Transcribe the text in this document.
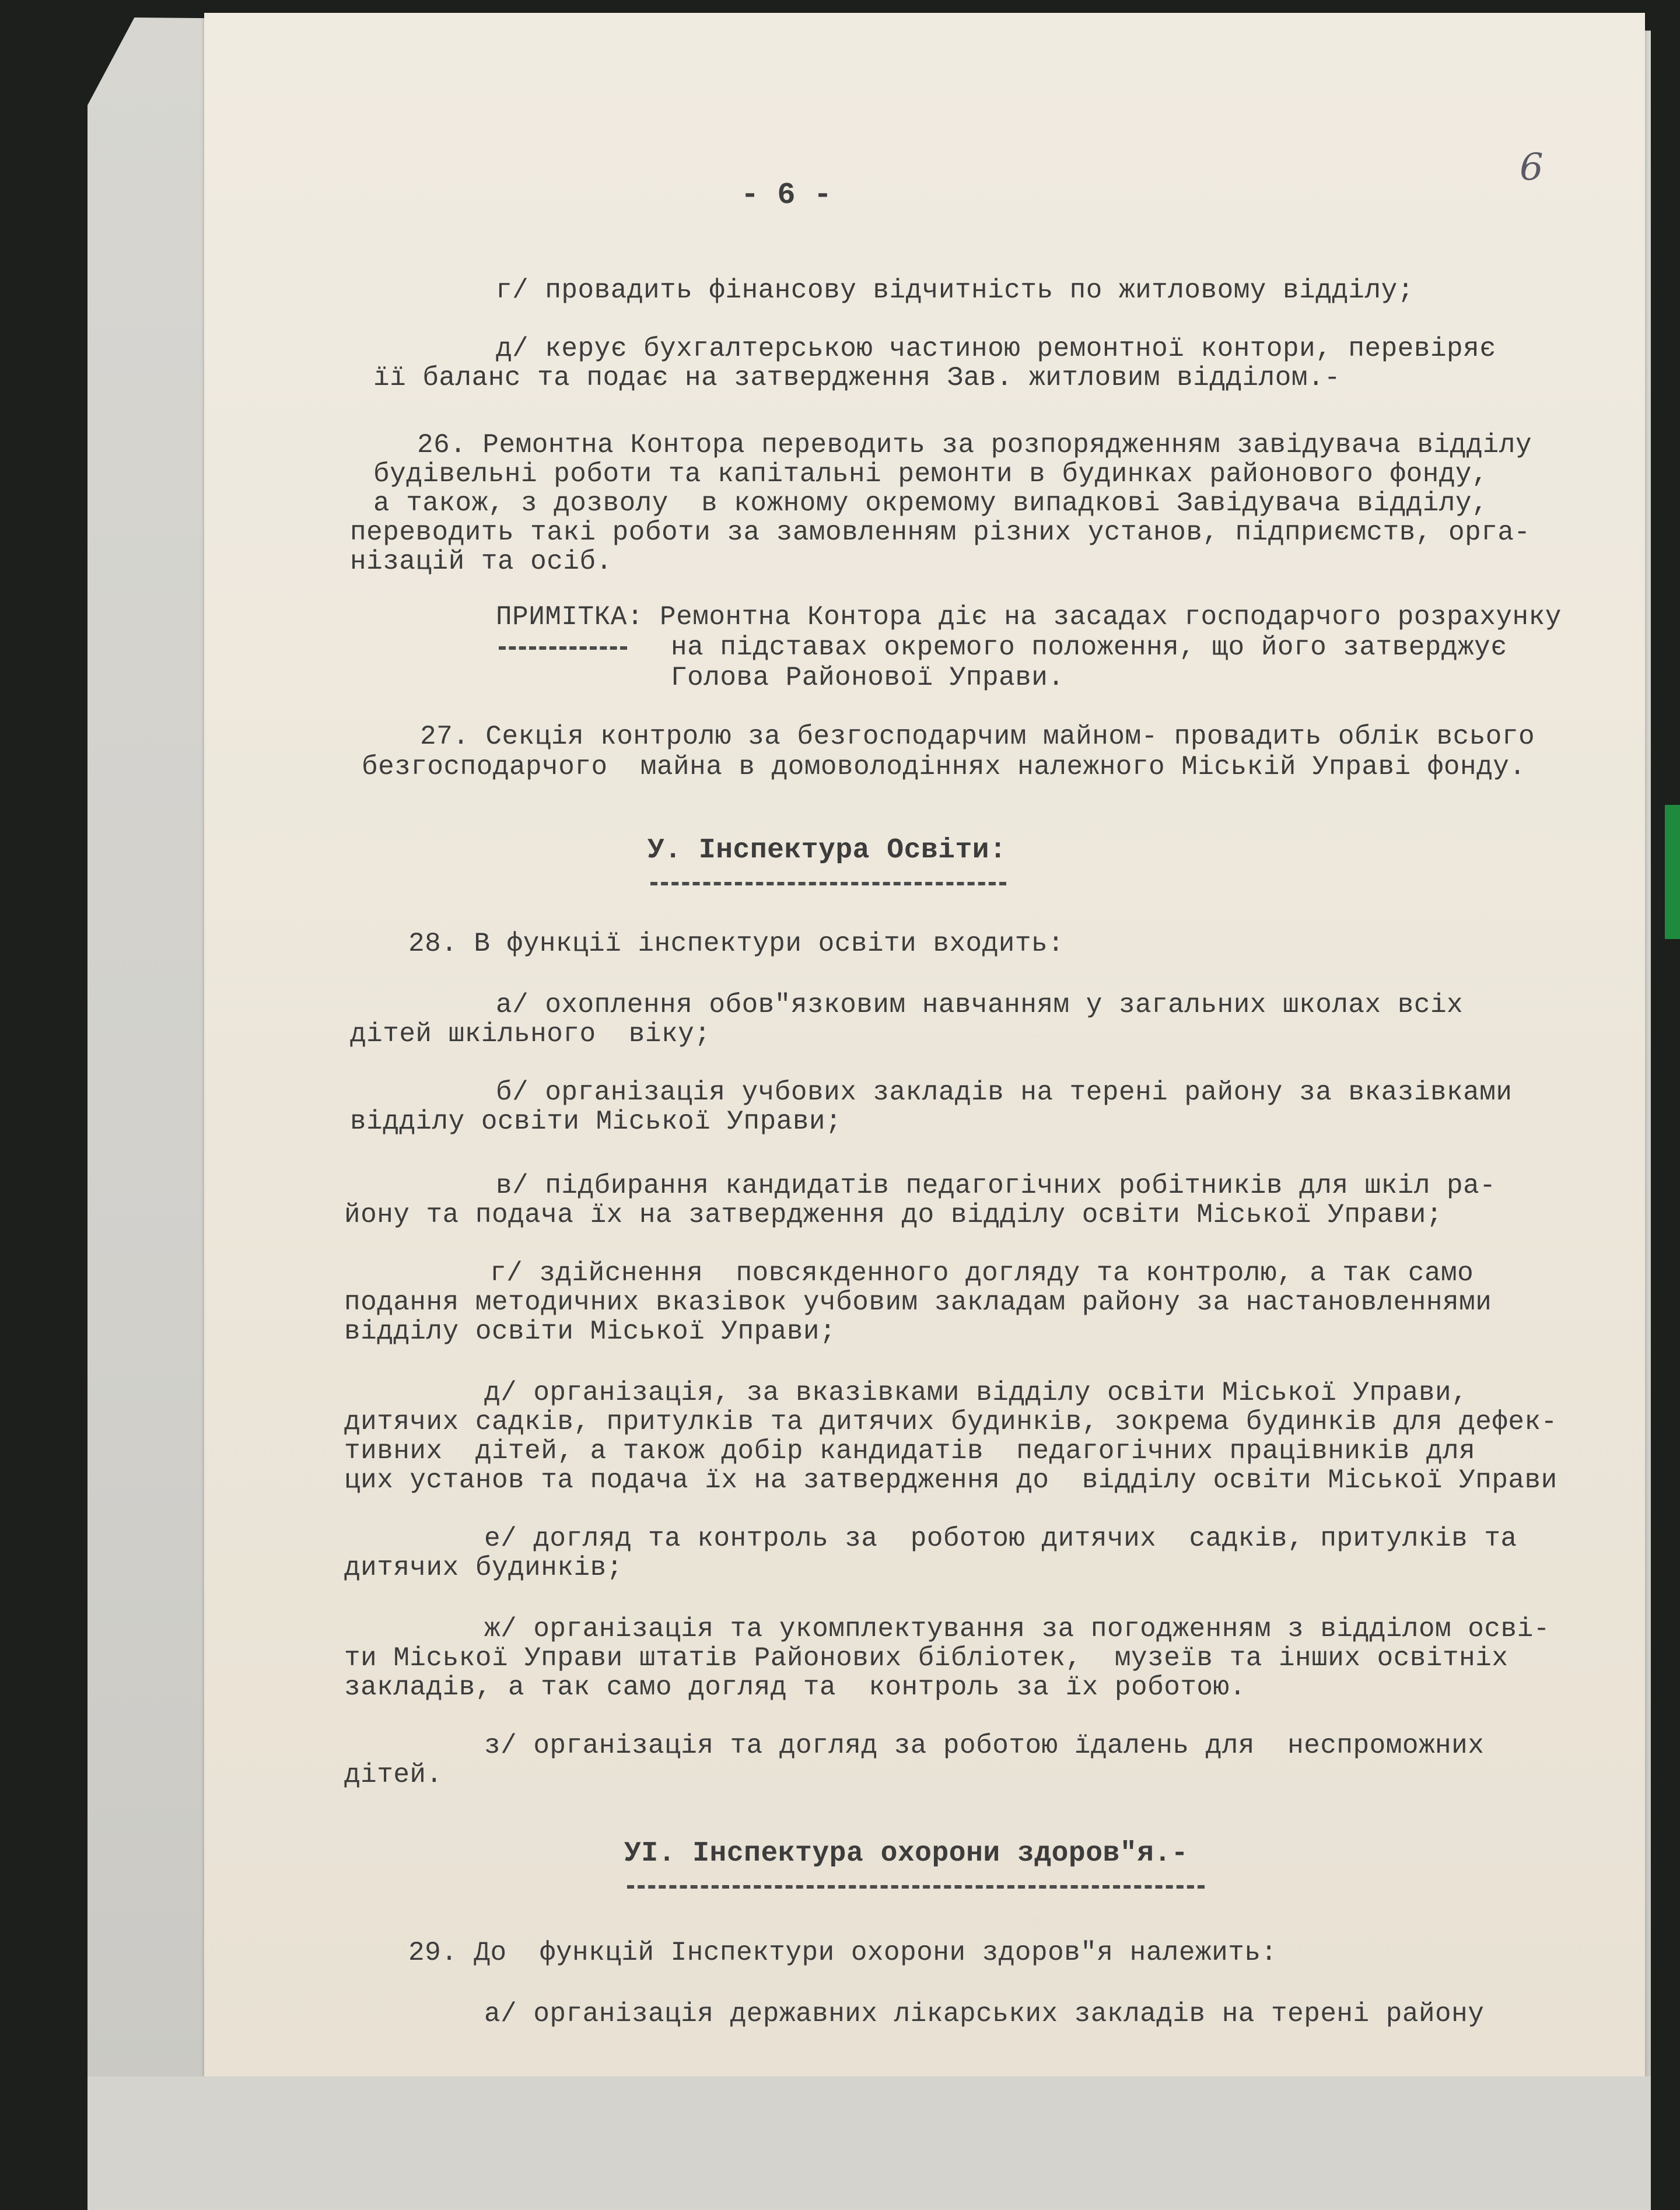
6
- 6 -
г/ провадить фінансову відчитність по житловому відділу;
д/ керує бухгалтерською частиною ремонтної контори, перевіряє
її баланс та подає на затвердження Зав. житловим відділом.-
26. Ремонтна Контора переводить за розпорядженням завідувача відділу
будівельні роботи та капітальні ремонти в будинках районового фонду,
а також, з дозволу  в кожному окремому випадкові Завідувача відділу,
переводить такі роботи за замовленням різних установ, підприємств, орга-
нізацій та осіб.
ПРИМІТКА: Ремонтна Контора діє на засадах господарчого розрахунку
на підставах окремого положення, що його затверджує
Голова Районової Управи.
27. Секція контролю за безгосподарчим майном- провадить облік всього
безгосподарчого  майна в домоволодіннях належного Міській Управі фонду.
У. Інспектура Освіти:
28. В функції інспектури освіти входить:
а/ охоплення обов"язковим навчанням у загальних школах всіх
дітей шкільного  віку;
б/ організація учбових закладів на терені району за вказівками
відділу освіти Міської Управи;
в/ підбирання кандидатів педагогічних робітників для шкіл ра-
йону та подача їх на затвердження до відділу освіти Міської Управи;
г/ здійснення  повсякденного догляду та контролю, а так само
подання методичних вказівок учбовим закладам району за настановленнями
відділу освіти Міської Управи;
д/ організація, за вказівками відділу освіти Міської Управи,
дитячих садків, притулків та дитячих будинків, зокрема будинків для дефек-
тивних  дітей, а також добір кандидатів  педагогічних працівників для
цих установ та подача їх на затвердження до  відділу освіти Міської Управи
е/ догляд та контроль за  роботою дитячих  садків, притулків та
дитячих будинків;
ж/ організація та укомплектування за погодженням з відділом осві-
ти Міської Управи штатів Районових бібліотек,  музеїв та інших освітніх
закладів, а так само догляд та  контроль за їх роботою.
з/ організація та догляд за роботою їдалень для  неспроможних
дітей.
УІ. Інспектура охорони здоров"я.-
29. До  функцій Інспектури охорони здоров"я належить:
а/ організація державних лікарських закладів на терені району
